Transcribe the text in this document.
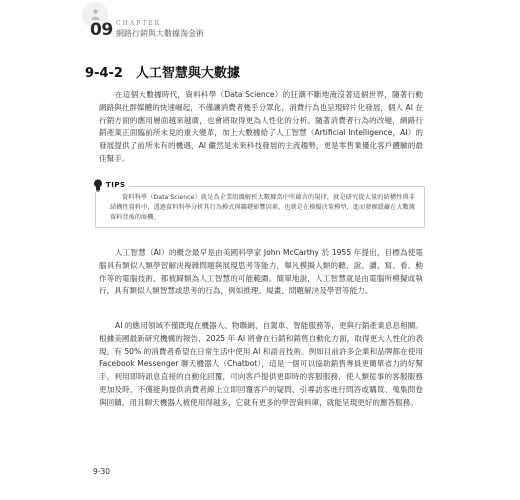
09 CHAPTER
網路行銷與大數據淘金術
9-4-2　人工智慧與大數據

在這個大數據時代，資料科學（Data Science）的狂潮不斷地淹沒著這個世界，隨著行動網路與社群媒體的快速崛起，不僅讓消費者幾乎分眾化，消費行為也呈現碎片化發展，個人 AI 在行銷方面的應用層面越來越廣，也會將取得更為人性化的分析。隨著消費者行為的改變，網路行銷產業正面臨前所未見的重大變革，加上大數據給了人工智慧（Artificial Intelligence，AI）的發展提供了前所未有的機遇，AI 儼然是未來科技發展的主流趨勢，更是零售業優化客戶體驗的最佳幫手。

TIPS

資料科學（Data Science）就是為企業組織解析大數據當中所蘊含的規律，就是研究從大量的結構性與非結構性資料中，透過資料科學分析其行為模式與關鍵影響因素，也就是在模擬決策模型，進而發掘隱藏在大數據資料背後的商機。

人工智慧（AI）的概念最早是由美國科學家 John McCarthy 於 1955 年提出，目標為使電腦具有類似人類學習解決複雜問題與展現思考等能力，舉凡模擬人類的聽、說、讀、寫、看、動作等的電腦技術，都被歸類為人工智慧的可能範圍。簡單地說，人工智慧就是由電腦所模擬或執行，具有類似人類智慧或思考的行為，例如推理、規畫、問題解決及學習等能力。

AI 的應用領域不僅既現在機器人、物聯網、自駕車、智能服務等，更與行銷產業息息相關。根據美國最新研究機構的報告，2025 年 AI 將會在行銷和銷售自動化方面，取得更大人性化的表現，有 50% 的消費者希望在日常生活中使用 AI 和語音技術。例如目前許多企業和品牌都在使用 Facebook Messenger 聊天機器人（Chatbot），這是一個可以協助銷售專員更簡單省力的好幫手，利用即時訊息直接的自動化回覆，可向客戶提供更即時的客服服務，使人類從事的客服服務更加及時，不僅能夠提供消費者線上立即回覆客戶的疑問、引導訪客進行問答或購買、蒐集問卷與回饋，用且聊天機器人被使用得越多，它就有更多的學習資料庫，就能呈現更好的應答服務。

9-30
